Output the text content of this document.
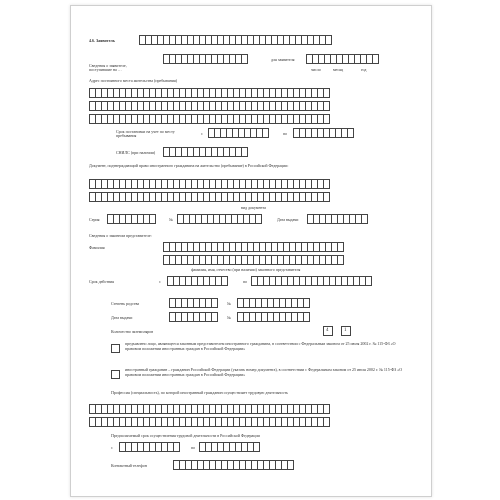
4.6. Заявитель
Сведения о заявителе, поступившие на …
для заявителя
число	месяц	год
Адрес постоянного места жительства (пребывания)
Срок постановки на учет по месту пребывания	с	по
СНИЛС (при наличии)
Документ, подтверждающий право иностранного гражданина на жительство (пребывание) в Российской Федерации:
вид документа
Серия	№	Дата выдачи
Сведения о законном представителе:
Фамилия
фамилия, имя, отчество (при наличии) законного представителя
Срок действия	с	по
Степень родства	№
Дата выдачи	№
Количество экземпляров	4	1
предъявлено лицо, являющееся законным представителем иностранного гражданина, в соответствии с Федеральным законом от 25 июля 2002 г. № 115-ФЗ «О правовом положении иностранных граждан в Российской Федерации»
иностранный гражданин – гражданин Российской Федерации (указать номер документа), в соответствии с Федеральным законом от 25 июля 2002 г. № 115-ФЗ «О правовом положении иностранных граждан в Российской Федерации»
Профессия (специальность), по которой иностранный гражданин осуществляет трудовую деятельность
Предполагаемый срок осуществления трудовой деятельности в Российской Федерации
с	по
Контактный телефон
